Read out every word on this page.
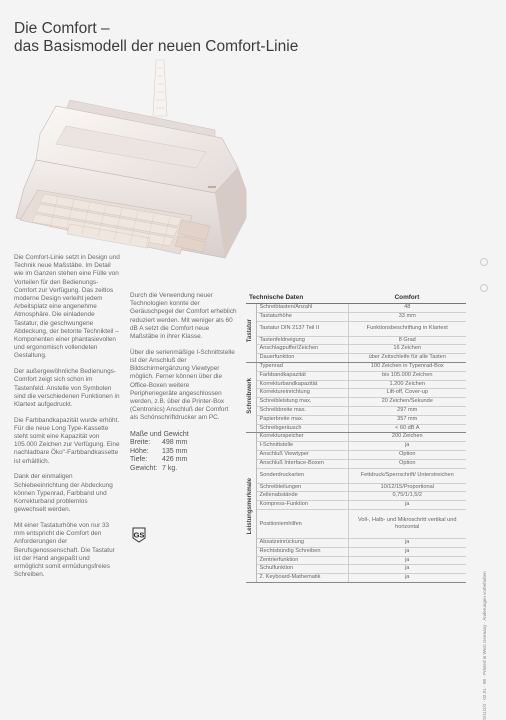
Die Comfort –
das Basismodell der neuen Comfort-Linie

Die Comfort-Linie setzt in Design und Technik neue Maßstäbe. Im Detail wie im Ganzen stehen eine Fülle von Vorteilen für den Bedienungs-Comfort zur Verfügung. Das zeitlos moderne Design verleiht jedem Arbeitsplatz eine angenehme Atmosphäre. Die einladende Tastatur, die geschwungene Abdeckung, der betonte Technikteil – Komponenten einer phantasievollen und ergonomisch vollendeten Gestaltung.

Der außergewöhnliche Bedienungs-Comfort zeigt sich schon im Tastenfeld. Anstelle von Symbolen sind die verschiedenen Funktionen in Klartext aufgedruckt.

Die Farbbandkapazität wurde erhöht. Für die neue Long Type-Kassette steht somit eine Kapazität von 105.000 Zeichen zur Verfügung. Eine nachladbare Öko"-Farbbandkassette ist erhältlich.

Dank der einmaligen Schiebeeinrichtung der Abdeckung können Typenrad, Farbband und Korrekturband problemlos gewechselt werden.

Mit einer Tastaturhöhe von nur 33 mm entspricht die Comfort den Anforderungen der Berufsgenossenschaft. Die Tastatur ist der Hand angepaßt und ermöglicht somit ermüdungsfreies Schreiben.

Durch die Verwendung neuer Technologien konnte der Geräuschpegel der Comfort erheblich reduziert werden. Mit weniger als 60 dB A setzt die Comfort neue Maßstäbe in ihrer Klasse.

Über die serienmäßige I-Schnittstelle ist der Anschluß der Bildschirmergänzung Viewtyper möglich. Ferner können über die Office-Boxen weitere Peripheriegeräte angeschlossen werden, z.B. über die Printer-Box (Centronics) Anschluß der Comfort als Schönschriftdrucker am PC.

Maße und Gewicht
Breite:	498 mm
Höhe:	135 mm
Tiefe:	426 mm
Gewicht: 7 kg.
GS
Technische Daten		Comfort
Tastatur	Schreibtasten/Anzahl	48
	Tastaturhöhe	33 mm
	Tastatur DIN 2137 Teil II	Funktionsbeschriftung in Klartext
	Tastenfeldneigung	8 Grad
	Anschlagpuffer/Zeichen	16 Zeichen
	Dauerfunktion	über Zeitschleife für alle Tasten
Schreibwerk	Typenrad	100 Zeichen in Typenrad-Box
	Farbbandkapazität	bis 105.000 Zeichen
	Korrekturbandkapazität	1.200 Zeichen
	Korrektureinrichtung	Lift-off, Cover-up
	Schreibleistung max.	20 Zeichen/Sekunde
	Schreibbreite max.	297 mm
	Papierbreite max.	357 mm
	Schreibgeräusch	< 60 dB A
Leistungsmerkmale	Korrekturspeicher	200 Zeichen
	I-Schnittstelle	ja
	Anschluß Viewtyper	Option
	Anschluß Interface-Boxen	Option
	Sonderdruckarten	Fettdruck/Sperrschrift/ Unterstreichen
	Schreibteilungen	10/12/15/Proportional
	Zeilenabstände	0,75/1/1,5/2
	Kompress-Funktion	ja
	Positioniemhilfen	Voll-, Halb- und Mikroschritt vertikal und horizontal
	Absatzeinrückung	ja
	Rechtsbündig Schreiben	ja
	Zentrierfunktion	ja
	Schulfunktion	ja
	2. Keyboard-Mathematik	ja	S/11/2/2 · 02.91 · WI · Printed in West Germany · Änderungen vorbehalten
